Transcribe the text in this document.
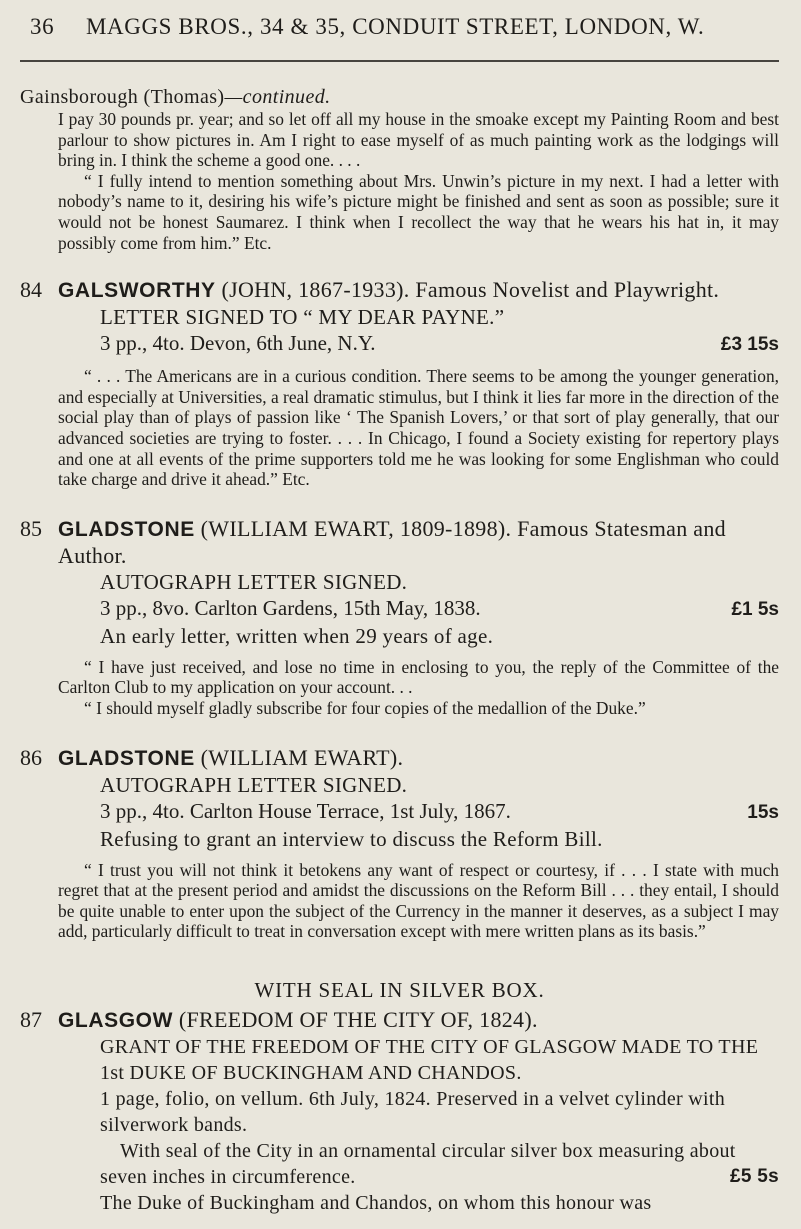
36 MAGGS BROS., 34 & 35, CONDUIT STREET, LONDON, W.
Gainsborough (Thomas)—continued.

I pay 30 pounds pr. year; and so let off all my house in the smoake except my Painting Room and best parlour to show pictures in. Am I right to ease myself of as much painting work as the lodgings will bring in. I think the scheme a good one. . . .

“ I fully intend to mention something about Mrs. Unwin’s picture in my next. I had a letter with nobody’s name to it, desiring his wife’s picture might be finished and sent as soon as possible; sure it would not be honest Saumarez. I think when I recollect the way that he wears his hat in, it may possibly come from him.” Etc.

84 GALSWORTHY (JOHN, 1867-1933). Famous Novelist and Playwright.
LETTER SIGNED TO “ MY DEAR PAYNE.”
3 pp., 4to. Devon, 6th June, N.Y.	£3 15s

“ . . . The Americans are in a curious condition. There seems to be among the younger generation, and especially at Universities, a real dramatic stimulus, but I think it lies far more in the direction of the social play than of plays of passion like ‘ The Spanish Lovers,’ or that sort of play generally, that our advanced societies are trying to foster. . . . In Chicago, I found a Society existing for repertory plays and one at all events of the prime supporters told me he was looking for some Englishman who could take charge and drive it ahead.” Etc.

85 GLADSTONE (WILLIAM EWART, 1809-1898). Famous Statesman and Author.
AUTOGRAPH LETTER SIGNED.
3 pp., 8vo. Carlton Gardens, 15th May, 1838.	£1 5s
An early letter, written when 29 years of age.

“ I have just received, and lose no time in enclosing to you, the reply of the Committee of the Carlton Club to my application on your account. . .

“ I should myself gladly subscribe for four copies of the medallion of the Duke.”

86 GLADSTONE (WILLIAM EWART).
AUTOGRAPH LETTER SIGNED.
3 pp., 4to. Carlton House Terrace, 1st July, 1867.	15s
Refusing to grant an interview to discuss the Reform Bill.

“ I trust you will not think it betokens any want of respect or courtesy, if . . . I state with much regret that at the present period and amidst the discussions on the Reform Bill . . . they entail, I should be quite unable to enter upon the subject of the Currency in the manner it deserves, as a subject I may add, particularly difficult to treat in conversation except with mere written plans as its basis.”

WITH SEAL IN SILVER BOX.
87 GLASGOW (FREEDOM OF THE CITY OF, 1824).
GRANT OF THE FREEDOM OF THE CITY OF GLASGOW MADE TO THE 1st DUKE OF BUCKINGHAM AND CHANDOS.
1 page, folio, on vellum. 6th July, 1824. Preserved in a velvet cylinder with silverwork bands.
With seal of the City in an ornamental circular silver box measuring about seven inches in circumference.	£5 5s
The Duke of Buckingham and Chandos, on whom this honour was
